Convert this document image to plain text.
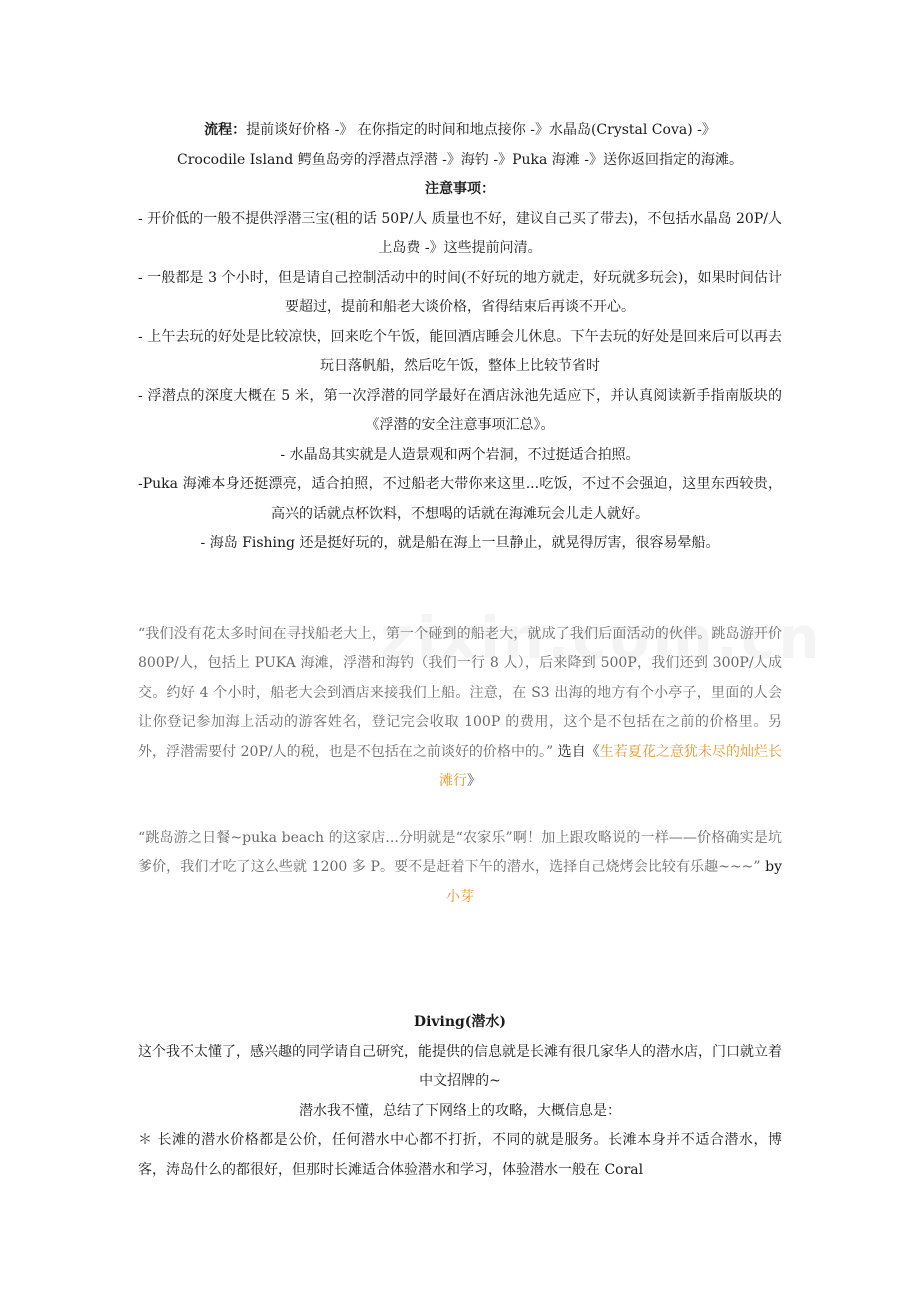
流程：提前谈好价格 -》 在你指定的时间和地点接你 -》水晶岛(Crystal Cova) -》

Crocodile Island 鳄鱼岛旁的浮潜点浮潜 -》海钓 -》Puka 海滩 -》送你返回指定的海滩。

注意事项：

- 开价低的一般不提供浮潜三宝(租的话 50P/人 质量也不好，建议自己买了带去)，不包括水晶岛 20P/人上岛费 -》这些提前问清。

- 一般都是 3 个小时，但是请自己控制活动中的时间(不好玩的地方就走，好玩就多玩会)，如果时间估计要超过，提前和船老大谈价格，省得结束后再谈不开心。

- 上午去玩的好处是比较凉快，回来吃个午饭，能回酒店睡会儿休息。下午去玩的好处是回来后可以再去玩日落帆船，然后吃午饭，整体上比较节省时

- 浮潜点的深度大概在 5 米，第一次浮潜的同学最好在酒店泳池先适应下，并认真阅读新手指南版块的《浮潜的安全注意事项汇总》。

- 水晶岛其实就是人造景观和两个岩洞，不过挺适合拍照。

-Puka 海滩本身还挺漂亮，适合拍照，不过船老大带你来这里...吃饭，不过不会强迫，这里东西较贵，高兴的话就点杯饮料，不想喝的话就在海滩玩会儿走人就好。

- 海岛 Fishing 还是挺好玩的，就是船在海上一旦静止，就晃得厉害，很容易晕船。

“我们没有花太多时间在寻找船老大上，第一个碰到的船老大，就成了我们后面活动的伙伴。跳岛游开价 800P/人，包括上 PUKA 海滩，浮潜和海钓（我们一行 8 人），后来降到 500P，我们还到 300P/人成交。约好 4 个小时，船老大会到酒店来接我们上船。注意，在 S3 出海的地方有个小亭子，里面的人会让你登记参加海上活动的游客姓名，登记完会收取 100P 的费用，这个是不包括在之前的价格里。另外，浮潜需要付 20P/人的税，也是不包括在之前谈好的价格中的。” 选自《生若夏花之意犹未尽的灿烂长滩行》

“跳岛游之日餐~puka beach 的这家店...分明就是“农家乐”啊！加上跟攻略说的一样——价格确实是坑爹价，我们才吃了这么些就 1200 多 P。要不是赶着下午的潜水，选择自己烧烤会比较有乐趣~~~” by 小芽

Diving(潜水)

这个我不太懂了，感兴趣的同学请自己研究，能提供的信息就是长滩有很几家华人的潜水店，门口就立着中文招牌的~

潜水我不懂，总结了下网络上的攻略，大概信息是：

＊ 长滩的潜水价格都是公价，任何潜水中心都不打折，不同的就是服务。长滩本身并不适合潜水，博客，涛岛什么的都很好，但那时长滩适合体验潜水和学习，体验潜水一般在 Coral
